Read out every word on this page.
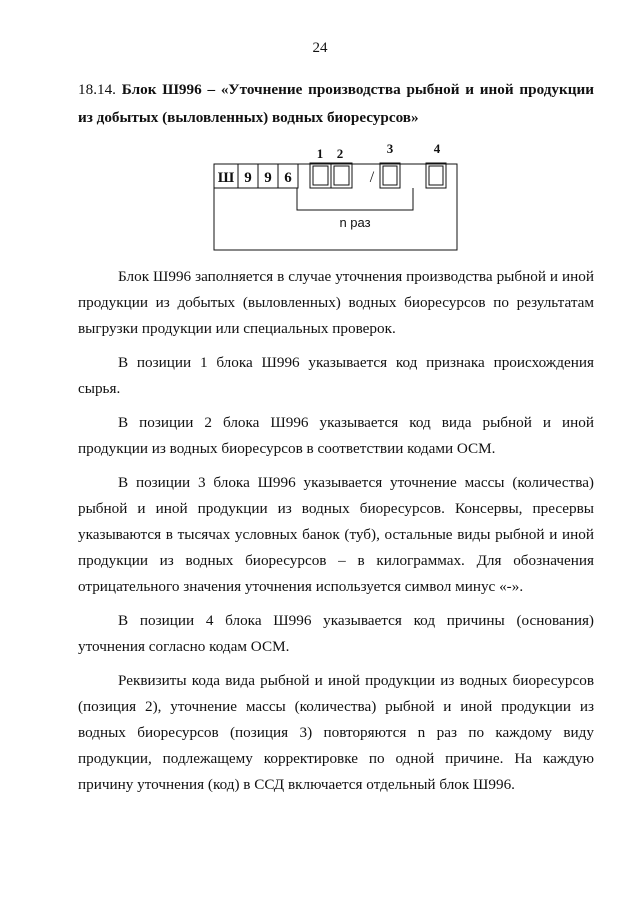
24
18.14. Блок Ш996 – «Уточнение производства рыбной и иной продукции из добытых (выловленных) водных биоресурсов»
Ш 9 9 6	/
1 2	3	4
n раз

Блок Ш996 заполняется в случае уточнения производства рыбной и иной продукции из добытых (выловленных) водных биоресурсов по результатам выгрузки продукции или специальных проверок.

В позиции 1 блока Ш996 указывается код признака происхождения сырья.

В позиции 2 блока Ш996 указывается код вида рыбной и иной продукции из водных биоресурсов в соответствии кодами ОСМ.

В позиции 3 блока Ш996 указывается уточнение массы (количества) рыбной и иной продукции из водных биоресурсов. Консервы, пресервы указываются в тысячах условных банок (туб), остальные виды рыбной и иной продукции из водных биоресурсов – в килограммах. Для обозначения отрицательного значения уточнения используется символ минус «-».

В позиции 4 блока Ш996 указывается код причины (основания) уточнения согласно кодам ОСМ.

Реквизиты кода вида рыбной и иной продукции из водных биоресурсов (позиция 2), уточнение массы (количества) рыбной и иной продукции из водных биоресурсов (позиция 3) повторяются n раз по каждому виду продукции, подлежащему корректировке по одной причине. На каждую причину уточнения (код) в ССД включается отдельный блок Ш996.
